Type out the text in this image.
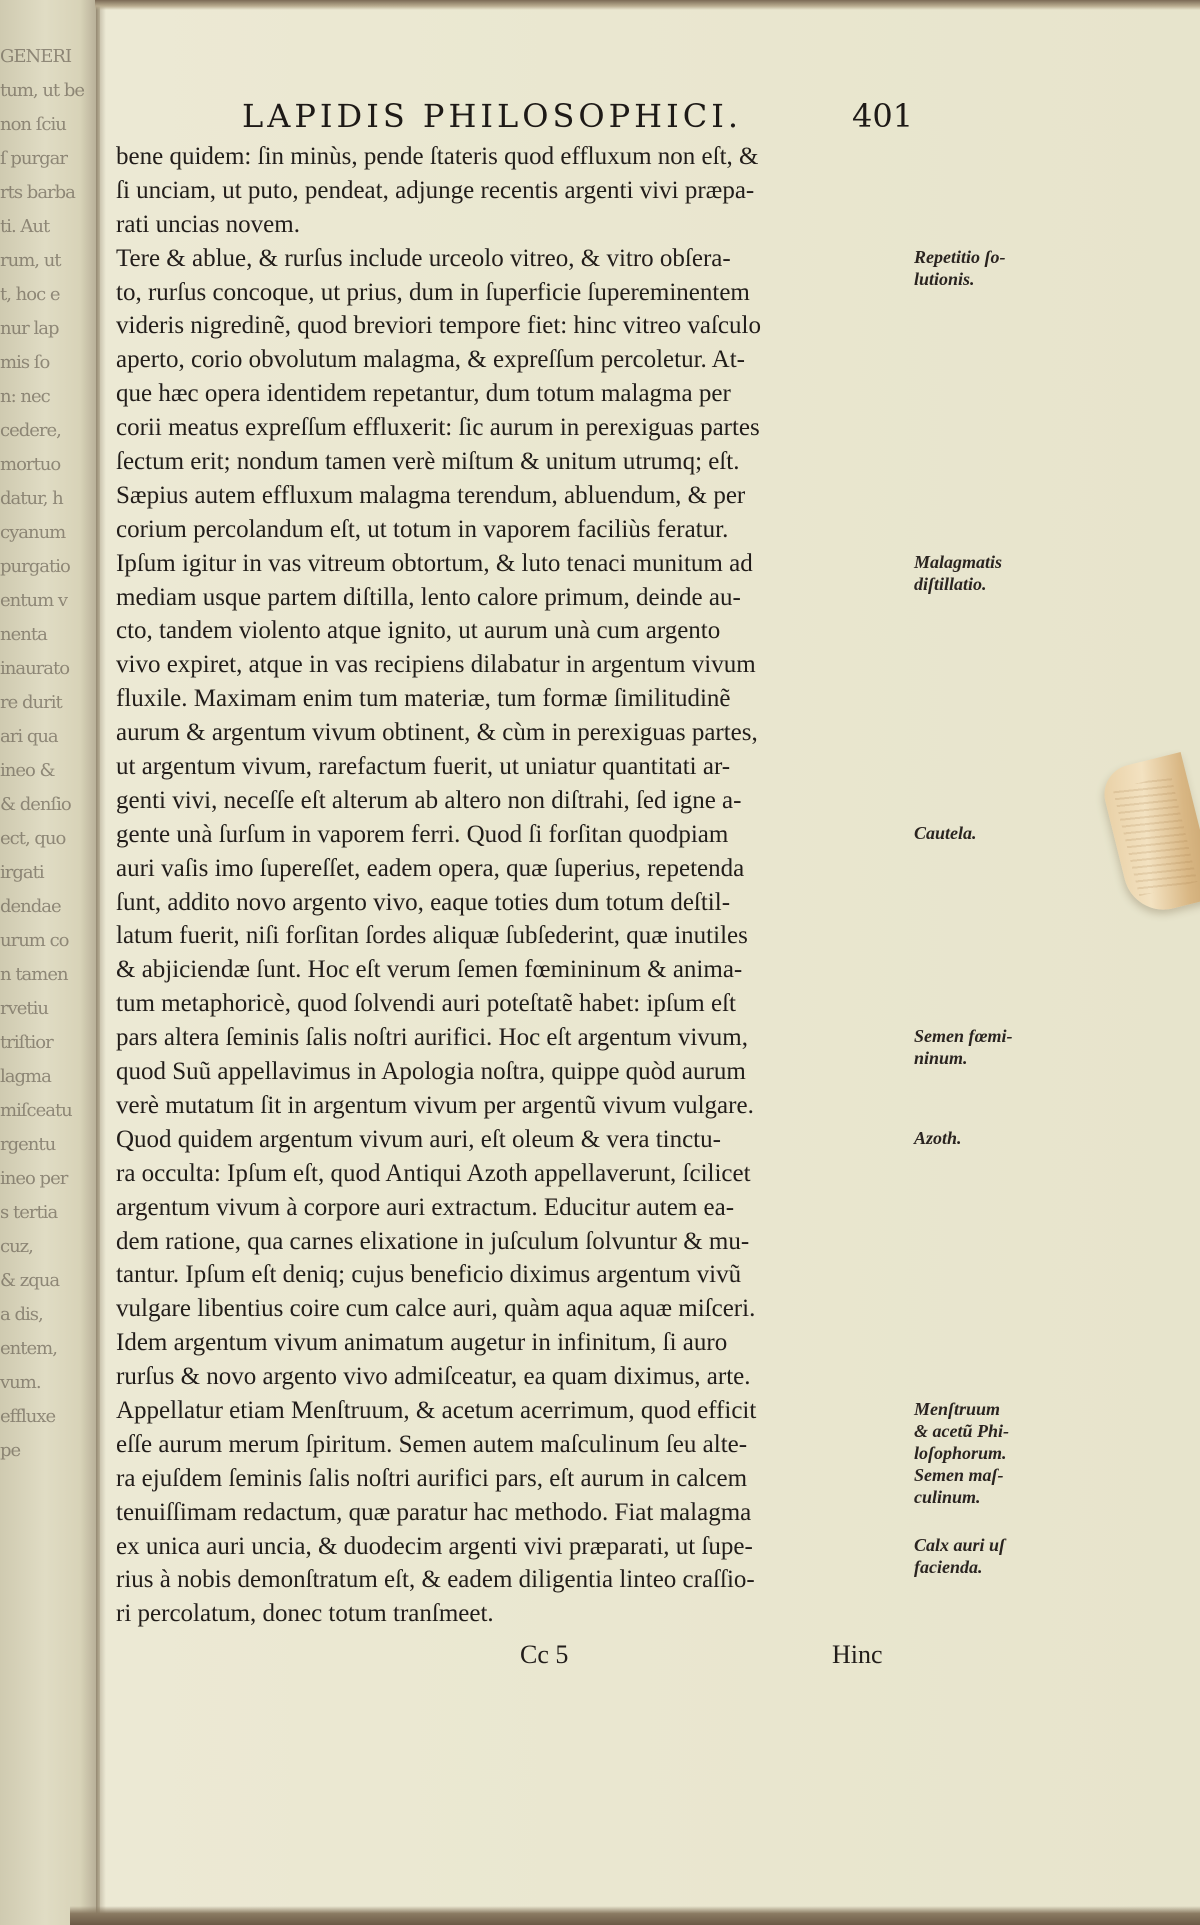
GENERI
tum, ut be
non ſciu
ſ purgar
rts barba
ti. Aut
rum, ut
t, hoc e
nur lap
mis ſo
n: nec
cedere,
mortuo
datur, h
cyanum
purgatio
entum v
nenta
inaurato
re durit
ari qua
ineo &
& denſio
ect, quo
irgati
dendae
urum co
n tamen
rvetiu
triſtior
lagma
miſceatu
rgentu
ineo per
s tertia
cuz,
& zqua
a dis,
entem,
vum.
effluxe
pe
LAPIDIS PHILOSOPHICI.	401
bene quidem: ſin minùs, pende ſtateris quod effluxum non eſt, &
ſi unciam, ut puto, pendeat, adjunge recentis argenti vivi præpa-
rati uncias novem.
Tere & ablue, & rurſus include urceolo vitreo, & vitro obſera-
to, rurſus concoque, ut prius, dum in ſuperficie ſupereminentem
videris nigredinẽ, quod breviori tempore fiet: hinc vitreo vaſculo
aperto, corio obvolutum malagma, & expreſſum percoletur. At-
que hæc opera identidem repetantur, dum totum malagma per
corii meatus expreſſum effluxerit: ſic aurum in perexiguas partes
ſectum erit; nondum tamen verè miſtum & unitum utrumq; eſt.
Sæpius autem effluxum malagma terendum, abluendum, & per
corium percolandum eſt, ut totum in vaporem faciliùs feratur.
Ipſum igitur in vas vitreum obtortum, & luto tenaci munitum ad
mediam usque partem diſtilla, lento calore primum, deinde au-
cto, tandem violento atque ignito, ut aurum unà cum argento
vivo expiret, atque in vas recipiens dilabatur in argentum vivum
fluxile. Maximam enim tum materiæ, tum formæ ſimilitudinẽ
aurum & argentum vivum obtinent, & cùm in perexiguas partes,
ut argentum vivum, rarefactum fuerit, ut uniatur quantitati ar-
genti vivi, neceſſe eſt alterum ab altero non diſtrahi, ſed igne a-
gente unà ſurſum in vaporem ferri. Quod ſi forſitan quodpiam
auri vaſis imo ſupereſſet, eadem opera, quæ ſuperius, repetenda
ſunt, addito novo argento vivo, eaque toties dum totum deſtil-
latum fuerit, niſi forſitan ſordes aliquæ ſubſederint, quæ inutiles
& abjiciendæ ſunt. Hoc eſt verum ſemen fœmininum & anima-
tum metaphoricè, quod ſolvendi auri poteſtatẽ habet: ipſum eſt
pars altera ſeminis ſalis noſtri aurifici. Hoc eſt argentum vivum,
quod Suũ appellavimus in Apologia noſtra, quippe quòd aurum
verè mutatum ſit in argentum vivum per argentũ vivum vulgare.
Quod quidem argentum vivum auri, eſt oleum & vera tinctu-
ra occulta: Ipſum eſt, quod Antiqui Azoth appellaverunt, ſcilicet
argentum vivum à corpore auri extractum. Educitur autem ea-
dem ratione, qua carnes elixatione in juſculum ſolvuntur & mu-
tantur. Ipſum eſt deniq; cujus beneficio diximus argentum vivũ
vulgare libentius coire cum calce auri, quàm aqua aquæ miſceri.
Idem argentum vivum animatum augetur in infinitum, ſi auro
rurſus & novo argento vivo admiſceatur, ea quam diximus, arte.
Appellatur etiam Menſtruum, & acetum acerrimum, quod efficit
eſſe aurum merum ſpiritum. Semen autem maſculinum ſeu alte-
ra ejuſdem ſeminis ſalis noſtri aurifici pars, eſt aurum in calcem
tenuiſſimam redactum, quæ paratur hac methodo. Fiat malagma
ex unica auri uncia, & duodecim argenti vivi præparati, ut ſupe-
rius à nobis demonſtratum eſt, & eadem diligentia linteo craſſio-
ri percolatum, donec totum tranſmeet.
Repetitio ſo-
lutionis.
Malagmatis
diſtillatio.
Cautela.
Semen fœmi-
ninum.
Azoth.
Menſtruum
& acetũ Phi-
loſophorum.
Semen maſ-
culinum.
Calx auri uſ
facienda.
Cc 5	Hinc
